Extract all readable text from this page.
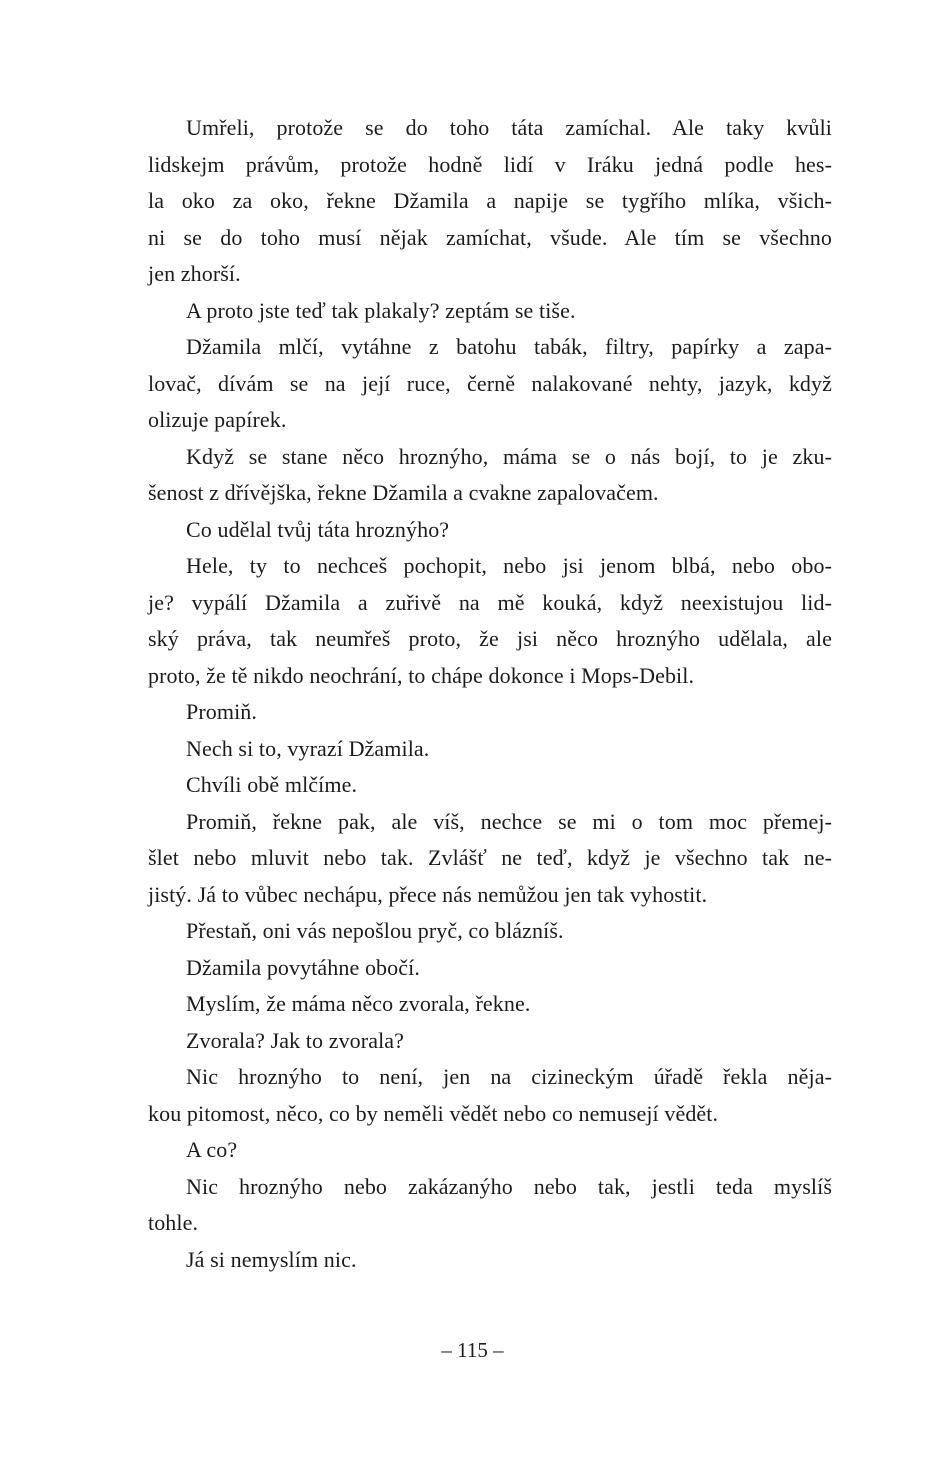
Umřeli, protože se do toho táta zamíchal. Ale taky kvůli
lidskejm právům, protože hodně lidí v Iráku jedná podle hes-
la oko za oko, řekne Džamila a napije se tygřího mlíka, všich-
ni se do toho musí nějak zamíchat, všude. Ale tím se všechno
jen zhorší.
A proto jste teď tak plakaly? zeptám se tiše.
Džamila mlčí, vytáhne z batohu tabák, filtry, papírky a zapa-
lovač, dívám se na její ruce, černě nalakované nehty, jazyk, když
olizuje papírek.
Když se stane něco hroznýho, máma se o nás bojí, to je zku-
šenost z dřívějška, řekne Džamila a cvakne zapalovačem.
Co udělal tvůj táta hroznýho?
Hele, ty to nechceš pochopit, nebo jsi jenom blbá, nebo obo-
je? vypálí Džamila a zuřivě na mě kouká, když neexistujou lid-
ský práva, tak neumřeš proto, že jsi něco hroznýho udělala, ale
proto, že tě nikdo neochrání, to chápe dokonce i Mops-Debil.
Promiň.
Nech si to, vyrazí Džamila.
Chvíli obě mlčíme.
Promiň, řekne pak, ale víš, nechce se mi o tom moc přemej-
šlet nebo mluvit nebo tak. Zvlášť ne teď, když je všechno tak ne-
jistý. Já to vůbec nechápu, přece nás nemůžou jen tak vyhostit.
Přestaň, oni vás nepošlou pryč, co blázníš.
Džamila povytáhne obočí.
Myslím, že máma něco zvorala, řekne.
Zvorala? Jak to zvorala?
Nic hroznýho to není, jen na cizineckým úřadě řekla něja-
kou pitomost, něco, co by neměli vědět nebo co nemusejí vědět.
A co?
Nic hroznýho nebo zakázanýho nebo tak, jestli teda myslíš
tohle.
Já si nemyslím nic.
– 115 –
